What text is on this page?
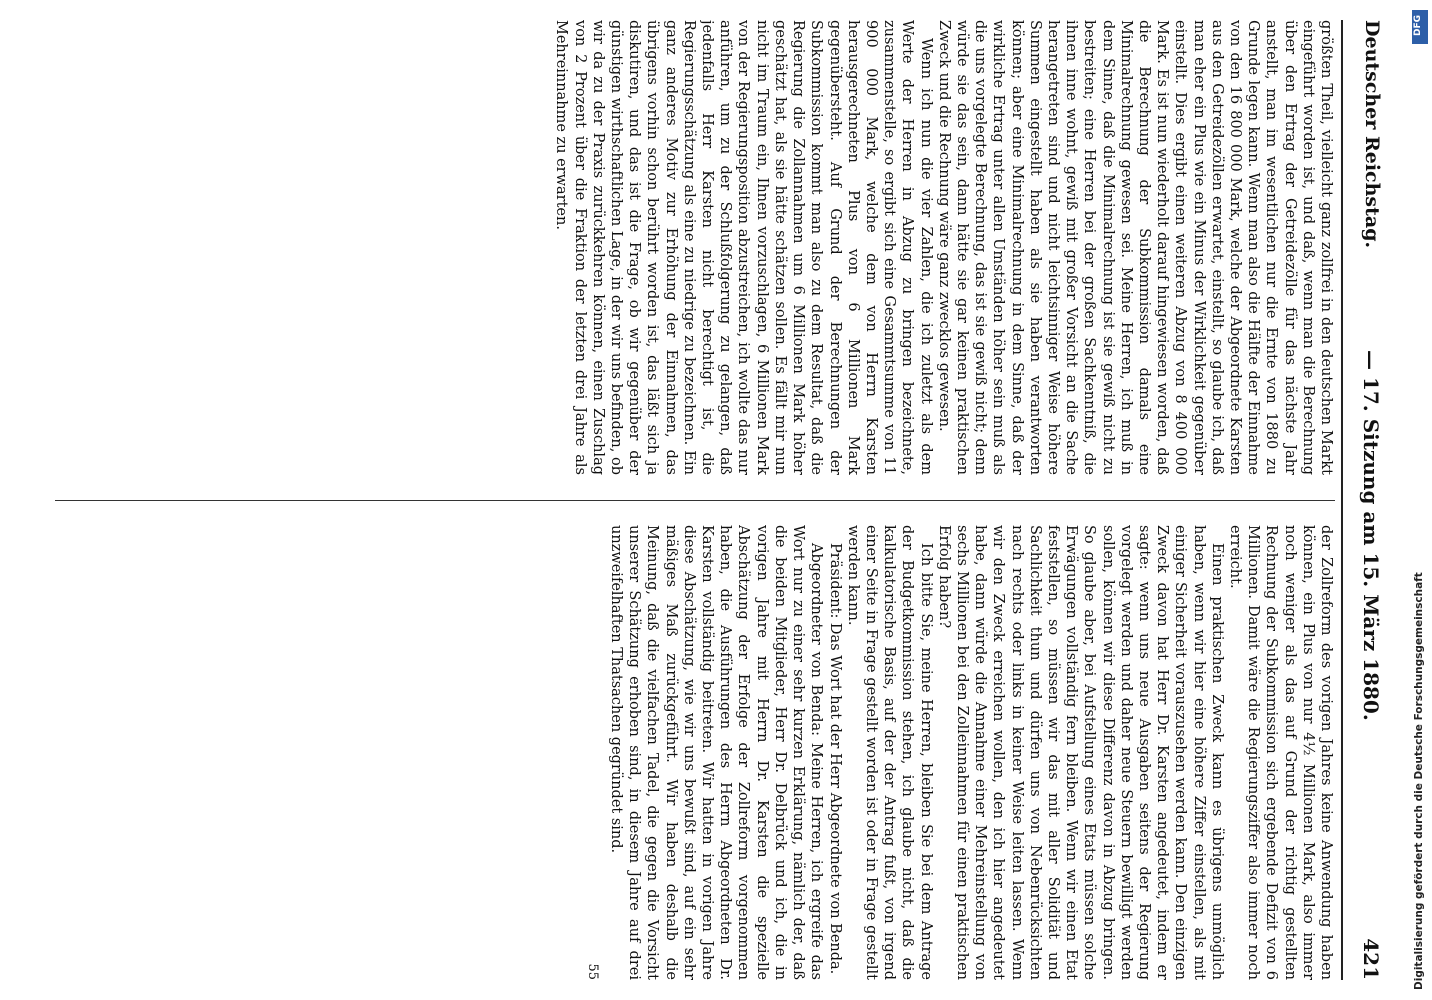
Deutscher Reichstag.
— 17. Sitzung am 15. März 1880.
421

größten Theil, vielleicht ganz zollfrei in den deutschen Markt eingeführt worden ist, und daß, wenn man die Berechnung über den Ertrag der Getreidezölle für das nächste Jahr anstellt, man im wesentlichen nur die Ernte von 1880 zu Grunde legen kann. Wenn man also die Hälfte der Einnahme von den 16 800 000 Mark, welche der Abgeordnete Karsten aus den Getreidezöllen erwartet, einstellt, so glaube ich, daß man eher ein Plus wie ein Minus der Wirklichkeit gegenüber einstellt. Dies ergibt einen weiteren Abzug von 8 400 000 Mark. Es ist nun wiederholt darauf hingewiesen worden, daß die Berechnung der Subkommission damals eine Minimalrechnung gewesen sei. Meine Herren, ich muß in dem Sinne, daß die Minimalrechnung ist sie gewiß nicht zu bestreiten; eine Herren bei der großen Sachkenntniß, die ihnen inne wohnt, gewiß mit großer Vorsicht an die Sache herangetreten sind und nicht leichtsinniger Weise höhere Summen eingestellt haben als sie haben verantworten können; aber eine Minimalrechnung in dem Sinne, daß der wirkliche Ertrag unter allen Umständen höher sein muß als die uns vorgelegte Berechnung, das ist sie gewiß nicht; denn würde sie das sein, dann hätte sie gar keinen praktischen Zweck und die Rechnung wäre ganz zwecklos gewesen.

Wenn ich nun die vier Zahlen, die ich zuletzt als dem Werte der Herren in Abzug zu bringen bezeichnete, zusammenstelle, so ergibt sich eine Gesammtsumme von 11 900 000 Mark, welche dem von Herrn Karsten herausgerechneten Plus von 6 Millionen Mark gegenübersteht. Auf Grund der Berechnungen der Subkommission kommt man also zu dem Resultat, daß die Regierung die Zollannahmen um 6 Millionen Mark höher geschätzt hat, als sie hätte schätzen sollen. Es fällt mir nun nicht im Traum ein, Ihnen vorzuschlagen, 6 Millionen Mark von der Regierungsposition abzustreichen, ich wollte das nur anführen, um zu der Schlußfolgerung zu gelangen, daß jedenfalls Herr Karsten nicht berechtigt ist, die Regierungsschätzung als eine zu niedrige zu bezeichnen. Ein ganz anderes Motiv zur Erhöhung der Einnahmen, das übrigens vorhin schon berührt worden ist, das läßt sich ja diskutiren, und das ist die Frage, ob wir gegenüber der günstigen wirthschaftlichen Lage, in der wir uns befinden, ob wir da zu der Praxis zurückkehren können, einen Zuschlag von 2 Prozent über die Fraktion der letzten drei Jahre als Mehreinnahme zu erwarten.

der Zollreform des vorigen Jahres keine Anwendung haben können, ein Plus von nur 4½ Millionen Mark, also immer noch weniger als das auf Grund der richtig gestellten Rechnung der Subkommission sich ergebende Defizit von 6 Millionen. Damit wäre die Regierungsziffer also immer noch erreicht.

Einen praktischen Zweck kann es übrigens unmöglich haben, wenn wir hier eine höhere Ziffer einstellen, als mit einiger Sicherheit vorauszusehen werden kann. Den einzigen Zweck davon hat Herr Dr. Karsten angedeutet, indem er sagte: wenn uns neue Ausgaben seitens der Regierung vorgelegt werden und daher neue Steuern bewilligt werden sollen, können wir diese Differenz davon in Abzug bringen. So glaube aber, bei Aufstellung eines Etats müssen solche Erwägungen vollständig fern bleiben. Wenn wir einen Etat feststellen, so müssen wir das mit aller Solidität und Sachlichkeit thun und dürfen uns von Nebenrücksichten nach rechts oder links in keiner Weise leiten lassen. Wenn wir den Zweck erreichen wollen, den ich hier angedeutet habe, dann würde die Annahme einer Mehreinstellung von sechs Millionen bei den Zolleinnahmen für einen praktischen Erfolg haben?

Ich bitte Sie, meine Herren, bleiben Sie bei dem Antrage der Budgetkommission stehen, ich glaube nicht, daß die kalkulatorische Basis, auf der der Antrag fußt, von irgend einer Seite in Frage gestellt worden ist oder in Frage gestellt werden kann.

Präsident: Das Wort hat der Herr Abgeordnete von Benda.

Abgeordneter von Benda: Meine Herren, ich ergreife das Wort nur zu einer sehr kurzen Erklärung, nämlich der, daß die beiden Mitglieder, Herr Dr. Delbrück und ich, die in vorigen Jahre mit Herrn Dr. Karsten die spezielle Abschätzung der Erfolge der Zollreform vorgenommen haben, die Ausführungen des Herrn Abgeordneten Dr. Karsten vollständig beitreten. Wir hatten in vorigen Jahre diese Abschätzung, wie wir uns bewußt sind, auf ein sehr mäßiges Maß zurückgeführt. Wir haben deshalb die Meinung, daß die vielfachen Tadel, die gegen die Vorsicht unserer Schätzung erhoben sind, in diesem Jahre auf drei unzweifelhaften Thatsachen gegründet sind.

55
DFG
Digitalisierung gefördert durch die Deutsche Forschungsgemeinschaft
